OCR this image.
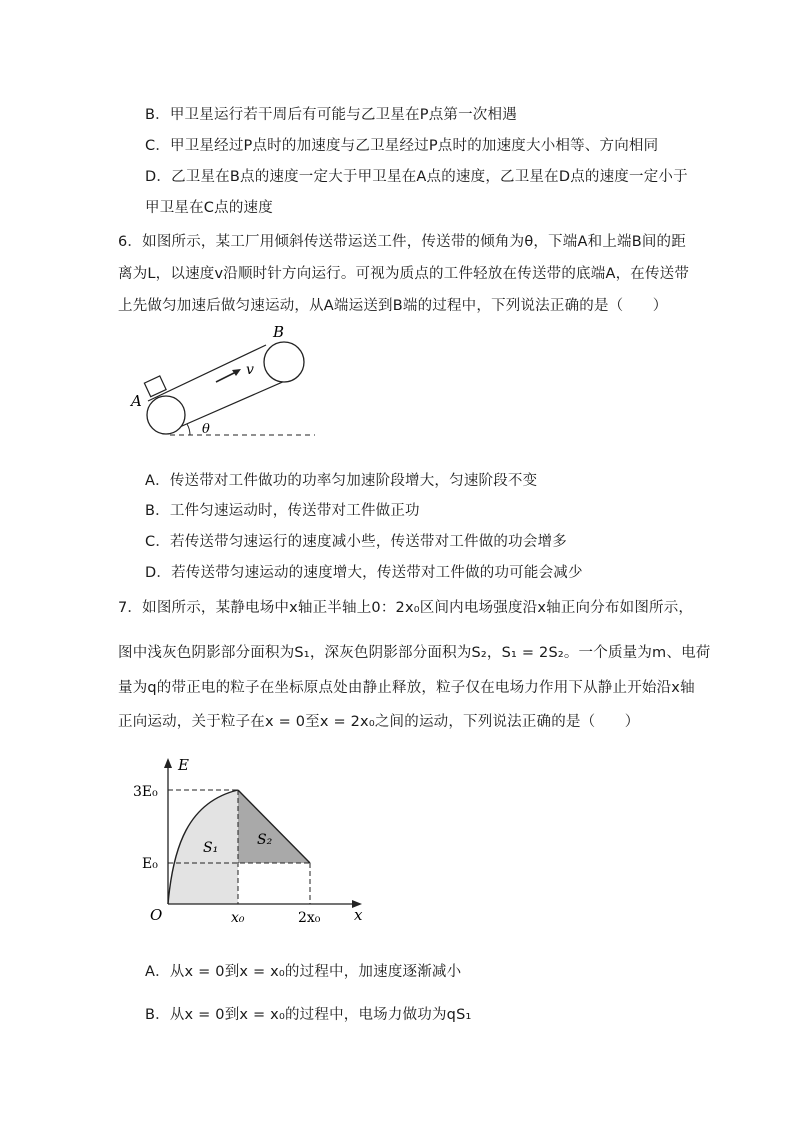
B．甲卫星运行若干周后有可能与乙卫星在P点第一次相遇
C．甲卫星经过P点时的加速度与乙卫星经过P点时的加速度大小相等、方向相同
D．乙卫星在B点的速度一定大于甲卫星在A点的速度，乙卫星在D点的速度一定小于
甲卫星在C点的速度
6．如图所示，某工厂用倾斜传送带运送工件，传送带的倾角为θ，下端A和上端B间的距
离为L，以速度v沿顺时针方向运行。可视为质点的工件轻放在传送带的底端A，在传送带
上先做匀加速后做匀速运动，从A端运送到B端的过程中，下列说法正确的是（　　）
A
B
v
θ
A．传送带对工件做功的功率匀加速阶段增大，匀速阶段不变
B．工件匀速运动时，传送带对工件做正功
C．若传送带匀速运行的速度减小些，传送带对工件做的功会增多
D．若传送带匀速运动的速度增大，传送带对工件做的功可能会减少
7．如图所示，某静电场中x轴正半轴上0：2x₀区间内电场强度沿x轴正向分布如图所示，
图中浅灰色阴影部分面积为S₁，深灰色阴影部分面积为S₂，S₁ = 2S₂。一个质量为m、电荷
量为q的带正电的粒子在坐标原点处由静止释放，粒子仅在电场力作用下从静止开始沿x轴
正向运动，关于粒子在x = 0至x = 2x₀之间的运动，下列说法正确的是（　　）
E
x
O
3E₀
E₀
x₀	2x₀
S₁	S₂
A．从x = 0到x = x₀的过程中，加速度逐渐减小
B．从x = 0到x = x₀的过程中，电场力做功为qS₁
